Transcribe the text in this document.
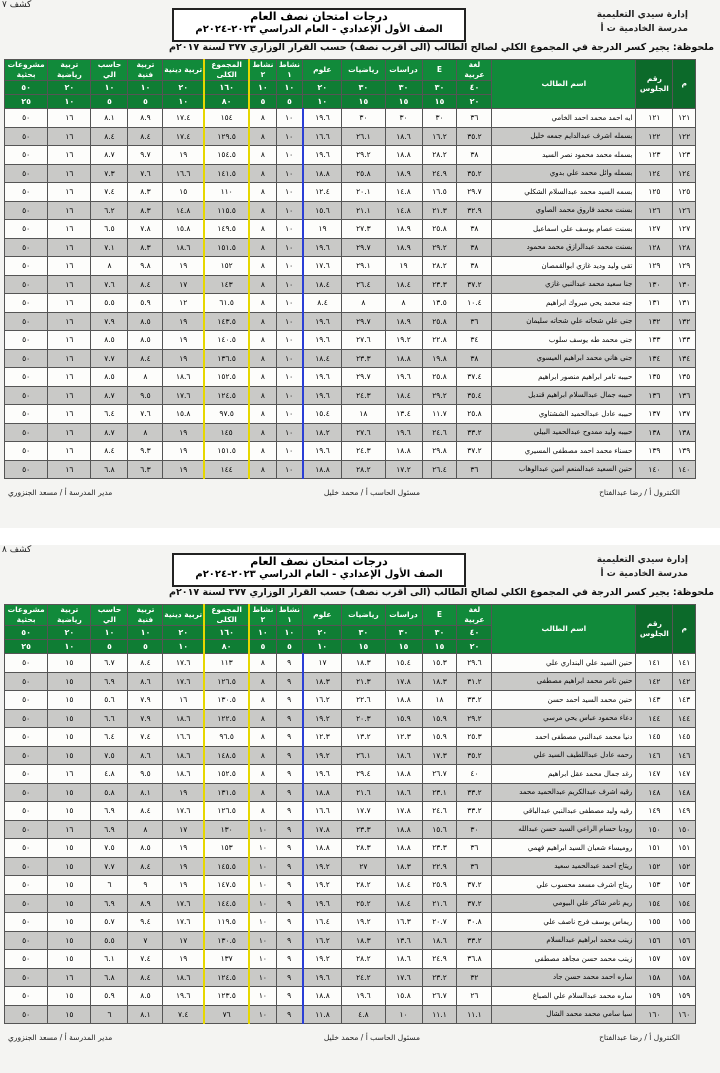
كشف ٧
إدارة سيدي التعليمية
مدرسة الخادمية ت أ
درجات امتحان نصف العام
الصف الأول الإعدادي - العام الدراسي ٢٠٢٣-٢٠٢٤م
ملحوظة: يجير كسر الدرجة في المجموع الكلي لصالح الطالب (الى أقرب نصف) حسب القرار الوزاري ٣٧٧ لسنة ٢٠١٧م
م	رقم الجلوس	اسم الطالب	لغة عربية	E	دراسات	رياضيات	علوم	نشاط ١	نشاط ٢	المجموع الكلى	تربية دينية	تربية فنية	حاسب الي	تربية رياضية	مشروعات بحثية
			٤٠	٣٠	٣٠	٣٠	٢٠	١٠	١٠	١٦٠	٢٠	١٠	١٠	٢٠	٥٠
			٢٠	١٥	١٥	١٥	١٠	٥	٥	٨٠	١٠	٥	٥	١٠	٢٥
١٢١	١٢١	ايه احمد محمد احمد الخامي	٣٦	٣٠	٣٠	٣٠	١٩.٦	١٠	٨	١٥٤	١٧.٤	٨.٩	٨.١	١٦	٥٠
١٢٢	١٢٢	بسمله اشرف عبدالدايم جمعه خليل	٣٥.٢	١٦.٢	١٨.٦	٢٦.١	١٦.٦	١٠	٨	١٢٩.٥	١٧.٤	٨.٤	٨.٤	١٦	٥٠
١٢٣	١٢٣	بسمله محمد محمود نصر السيد	٣٨	٢٨.٢	١٨.٨	٢٩.٢	١٩.٦	١٠	٨	١٥٤.٥	١٩	٩.٧	٨.٧	١٦	٥٠
١٢٤	١٢٤	بسمله وائل محمد علي بدوي	٣٥.٢	٢٤.٩	١٨.٩	٢٥.٨	١٨.٨	١٠	٨	١٤١.٥	١٦.٦	٧.٦	٧.٣	١٦	٥٠
١٢٥	١٢٥	بسمه السيد محمد عبدالسلام الشكلي	٢٩.٧	١٦.٥	١٤.٨	٢٠.١	١٢.٤	١٠	٨	١١٠	١٥	٨.٣	٧.٤	١٦	٥٠
١٢٦	١٢٦	بسنت محمد فاروق محمد الصاوي	٣٢.٩	٢١.٣	١٤.٨	٢١.١	١٥.٦	١٠	٨	١١٥.٥	١٤.٨	٨.٣	٦.٢	١٦	٥٠
١٢٧	١٢٧	بسنت عصام يوسف علي اسماعيل	٣٨	٢٥.٨	١٨.٩	٢٧.٣	١٩	١٠	٨	١٤٩.٥	١٥.٨	٧.٨	٦.٥	١٦	٥٠
١٢٨	١٢٨	بسنت محمد عبدالرازق محمد محمود	٣٨	٢٩.٢	١٨.٩	٢٩.٧	١٩.٦	١٠	٨	١٥١.٥	١٨.٦	٨.٣	٧.١	١٦	٥٠
١٢٩	١٢٩	تقى وليد وديد غازي ابوالقمصان	٣٨	٢٨.٢	١٩	٢٩.١	١٧.٦	١٠	٨	١٥٢	١٩	٩.٨	٨	١٦	٥٠
١٣٠	١٣٠	جنا سعيد محمد عبدالنبي غازي	٣٧.٢	٢٣.٣	١٨.٤	٢٦.٤	١٨.٤	١٠	٨	١٤٣	١٧	٨.٤	٧.٦	١٦	٥٠
١٣١	١٣١	جنه محمد يحي مبروك ابراهيم	١٠.٤	١٣.٥	٨	٨	٨.٤	١٠	٨	٦١.٥	١٢	٥.٩	٥.٥	١٦	٥٠
١٣٢	١٣٢	جنى علي شحاته علي شحاته سليمان	٣٦	٢٥.٨	١٨.٩	٢٩.٧	١٩.٦	١٠	٨	١٤٣.٥	١٩	٨.٥	٧.٩	١٦	٥٠
١٣٣	١٣٣	جنى محمد طه يوسف سلوب	٣٤	٢٢.٨	١٩.٢	٢٧.٦	١٩.٦	١٠	٨	١٤٠.٥	١٩	٨.٥	٨.٥	١٦	٥٠
١٣٤	١٣٤	جنى هاني محمد ابراهيم العيسوي	٣٨	١٩.٨	١٨.٨	٢٣.٣	١٨.٤	١٠	٨	١٣٦.٥	١٩	٨.٤	٧.٧	١٦	٥٠
١٣٥	١٣٥	حبيبه تامر ابراهيم منصور ابراهيم	٣٧.٤	٢٥.٨	١٩.٦	٢٩.٧	١٩.٦	١٠	٨	١٥٢.٥	١٨.٦	٨	٨.٥	١٦	٥٠
١٣٦	١٣٦	حبيبه جمال عبدالسلام ابراهيم قنديل	٣٥.٤	٢٩.٢	١٨.٤	٢٤.٣	١٩.٦	١٠	٨	١٢٤.٥	١٧.٦	٩.٥	٨.٧	١٦	٥٠
١٣٧	١٣٧	حبيبه عادل عبدالحميد الششتاوي	٢٥.٨	١١.٧	١٣.٤	١٨	١٥.٤	١٠	٨	٩٧.٥	١٥.٨	٧.٦	٦.٤	١٦	٥٠
١٣٨	١٣٨	حبيبه وليد ممدوح عبدالحميد البيلي	٣٣.٢	٢٤.٦	١٩.٦	٢٧.٦	١٨.٢	١٠	٨	١٤٥	١٩	٨	٨.٧	١٦	٥٠
١٣٩	١٣٩	حسناء محمد احمد مصطفى المسيري	٣٧.٢	٢٩.٨	١٨.٨	٢٤.٣	١٩.٦	١٠	٨	١٥١.٥	١٩	٩.٣	٨.٤	١٦	٥٠
١٤٠	١٤٠	حنين السعيد عبدالمنعم امين عبدالوهاب	٣٦	٢٦.٤	١٧.٢	٢٨.٢	١٨.٨	١٠	٨	١٤٤	١٩	٦.٣	٦.٨	١٦	٥٠
الكنترول أ / رضا عبدالفتاح
مسئول الحاسب أ / محمد خليل
مدير المدرسة أ / مسعد الجنزوري
كشف ٨
إدارة سيدي التعليمية
مدرسة الخادمية ت أ
درجات امتحان نصف العام
الصف الأول الإعدادي - العام الدراسي ٢٠٢٣-٢٠٢٤م
ملحوظة: يجير كسر الدرجة في المجموع الكلي لصالح الطالب (الى أقرب نصف) حسب القرار الوزاري ٣٧٧ لسنة ٢٠١٧م
م	رقم الجلوس	اسم الطالب	لغة عربية	E	دراسات	رياضيات	علوم	نشاط ١	نشاط ٢	المجموع الكلى	تربية دينية	تربية فنية	حاسب الي	تربية رياضية	مشروعات بحثية
			٤٠	٣٠	٣٠	٣٠	٢٠	١٠	١٠	١٦٠	٢٠	١٠	١٠	٢٠	٥٠
			٢٠	١٥	١٥	١٥	١٠	٥	٥	٨٠	١٠	٥	٥	١٠	٢٥
١٤١	١٤١	حنين السيد علي البنداري علي	٢٩.٦	١٥.٣	١٥.٤	١٨.٣	١٧	٩	٨	١١٣	١٧.٦	٨.٤	٦.٧	١٥	٥٠
١٤٢	١٤٢	حنين تامر محمد ابراهيم مصطفى	٣١.٢	١٨.٣	١٧.٨	٢١.٣	١٨.٣	٩	٨	١٢٦.٥	١٧.٦	٨.٦	٦.٩	١٥	٥٠
١٤٣	١٤٣	حنين محمد السيد احمد حسن	٣٣.٢	١٨	١٨.٨	٢٢.٦	١٦.٢	٩	٨	١٣٠.٥	١٦	٧.٩	٥.٦	١٥	٥٠
١٤٤	١٤٤	دعاء محمود عباس يحي مرسي	٢٩.٢	١٥.٩	١٥.٩	٢٠.٣	١٩.٢	٩	٨	١٢٢.٥	١٨.٦	٧.٩	٦.٦	١٥	٥٠
١٤٥	١٤٥	دنيا محمد عبدالنبي مصطفى احمد	٢٥.٣	١٥.٩	١٢.٣	١٣.٢	١٢.٣	٩	٨	٩٦.٥	١٦.٦	٧.٤	٦.٤	١٥	٥٠
١٤٦	١٤٦	رحمه عادل عبداللطيف السيد علي	٣٥.٢	١٧.٣	١٨.٦	٢٦.١	١٩.٢	٩	٨	١٤٨.٥	١٨.٦	٨.٦	٧.٥	١٥	٥٠
١٤٧	١٤٧	رغد جمال محمد عقل ابراهيم	٤٠	٢٦.٧	١٨.٨	٢٩.٤	١٩.٦	٩	٨	١٥٢.٥	١٨.٦	٩.٥	٤.٨	١٦	٥٠
١٤٨	١٤٨	رقيه اشرف عبدالكريم عبدالحميد محمد	٣٣.٢	٢٣.١	١٨.٦	٢١.٦	١٨.٨	٩	٨	١٣١.٥	١٩	٨.١	٥.٨	١٥	٥٠
١٤٩	١٤٩	رقيه وليد مصطفى عبدالنبي عبدالباقي	٣٣.٢	٢٤.٦	١٧.٨	١٧.٧	١٦.٦	٩	٨	١٢٦.٥	١٧.٦	٨.٤	٦.٩	١٥	٥٠
١٥٠	١٥٠	روديا حسام الراعي السيد حسن عبدالله	٣٠	١٥.٦	١٨.٨	٢٣.٣	١٧.٨	٩	١٠	١٣٠	١٧	٨	٦.٩	١٦	٥٠
١٥١	١٥١	روميساء شعبان السيد ابراهيم فهمي	٣٦	٢٣.٣	١٨.٨	٢٨.٣	١٨.٨	٩	١٠	١٥٣	١٩	٨.٥	٧.٥	١٥	٥٠
١٥٢	١٥٢	ريتاج احمد عبدالحميد سعيد	٣٦	٢٢.٩	١٨.٣	٢٧	١٩.٢	٩	١٠	١٤٥.٥	١٩	٨.٤	٧.٧	١٥	٥٠
١٥٣	١٥٣	ريتاج اشرف مسعد محسوب علي	٣٧.٢	٢٥.٩	١٨.٤	٢٨.٢	١٩.٢	٩	١٠	١٤٧.٥	١٩	٩	٦	١٥	٥٠
١٥٤	١٥٤	ريم تامر شاكر علي البيومي	٣٧.٢	٢١.٦	١٨.٤	٢٥.٢	١٩.٦	٩	١٠	١٤٤.٥	١٧.٦	٨.٩	٦.٩	١٥	٥٠
١٥٥	١٥٥	ريماس يوسف فرج ناصف علي	٣٠.٨	٢٠.٧	١٦.٣	١٩.٢	١٦.٤	٩	١٠	١١٩.٥	١٧.٦	٩.٤	٥.٧	١٥	٥٠
١٥٦	١٥٦	زينب محمد ابراهيم عبدالسلام	٣٣.٢	١٨.٦	١٣.٦	١٨.٣	١٦.٢	٩	١٠	١٣٠.٥	١٧	٧	٥.٥	١٥	٥٠
١٥٧	١٥٧	زينب محمد حسن مجاهد مصطفى	٣٦.٨	٢٤.٩	١٨.٦	٢٨.٢	١٩.٢	٩	١٠	١٣٧	١٩	٧.٤	٦.١	١٥	٥٠
١٥٨	١٥٨	ساره احمد محمد حسن جاد	٣٢	٢٣.٢	١٧.٦	٢٤.٢	١٩.٦	٩	١٠	١٢٤.٥	١٨.٦	٨.٤	٦.٨	١٦	٥٠
١٥٩	١٥٩	ساره محمد عبدالسلام علي الصباغ	٢٦	٢٦.٧	١٥.٨	١٩.٦	١٨.٨	٩	١٠	١٢٣.٥	١٩.٦	٨.٥	٥.٩	١٥	٥٠
١٦٠	١٦٠	سيا سامي محمد محمد الشال	١١.١	١١.١	١٠	٤.٨	١١.٨	٩	١٠	٧٦	٧.٤	٨.١	٦	١٥	٥٠
الكنترول أ / رضا عبدالفتاح
مسئول الحاسب أ / محمد خليل
مدير المدرسة أ / مسعد الجنزوري
